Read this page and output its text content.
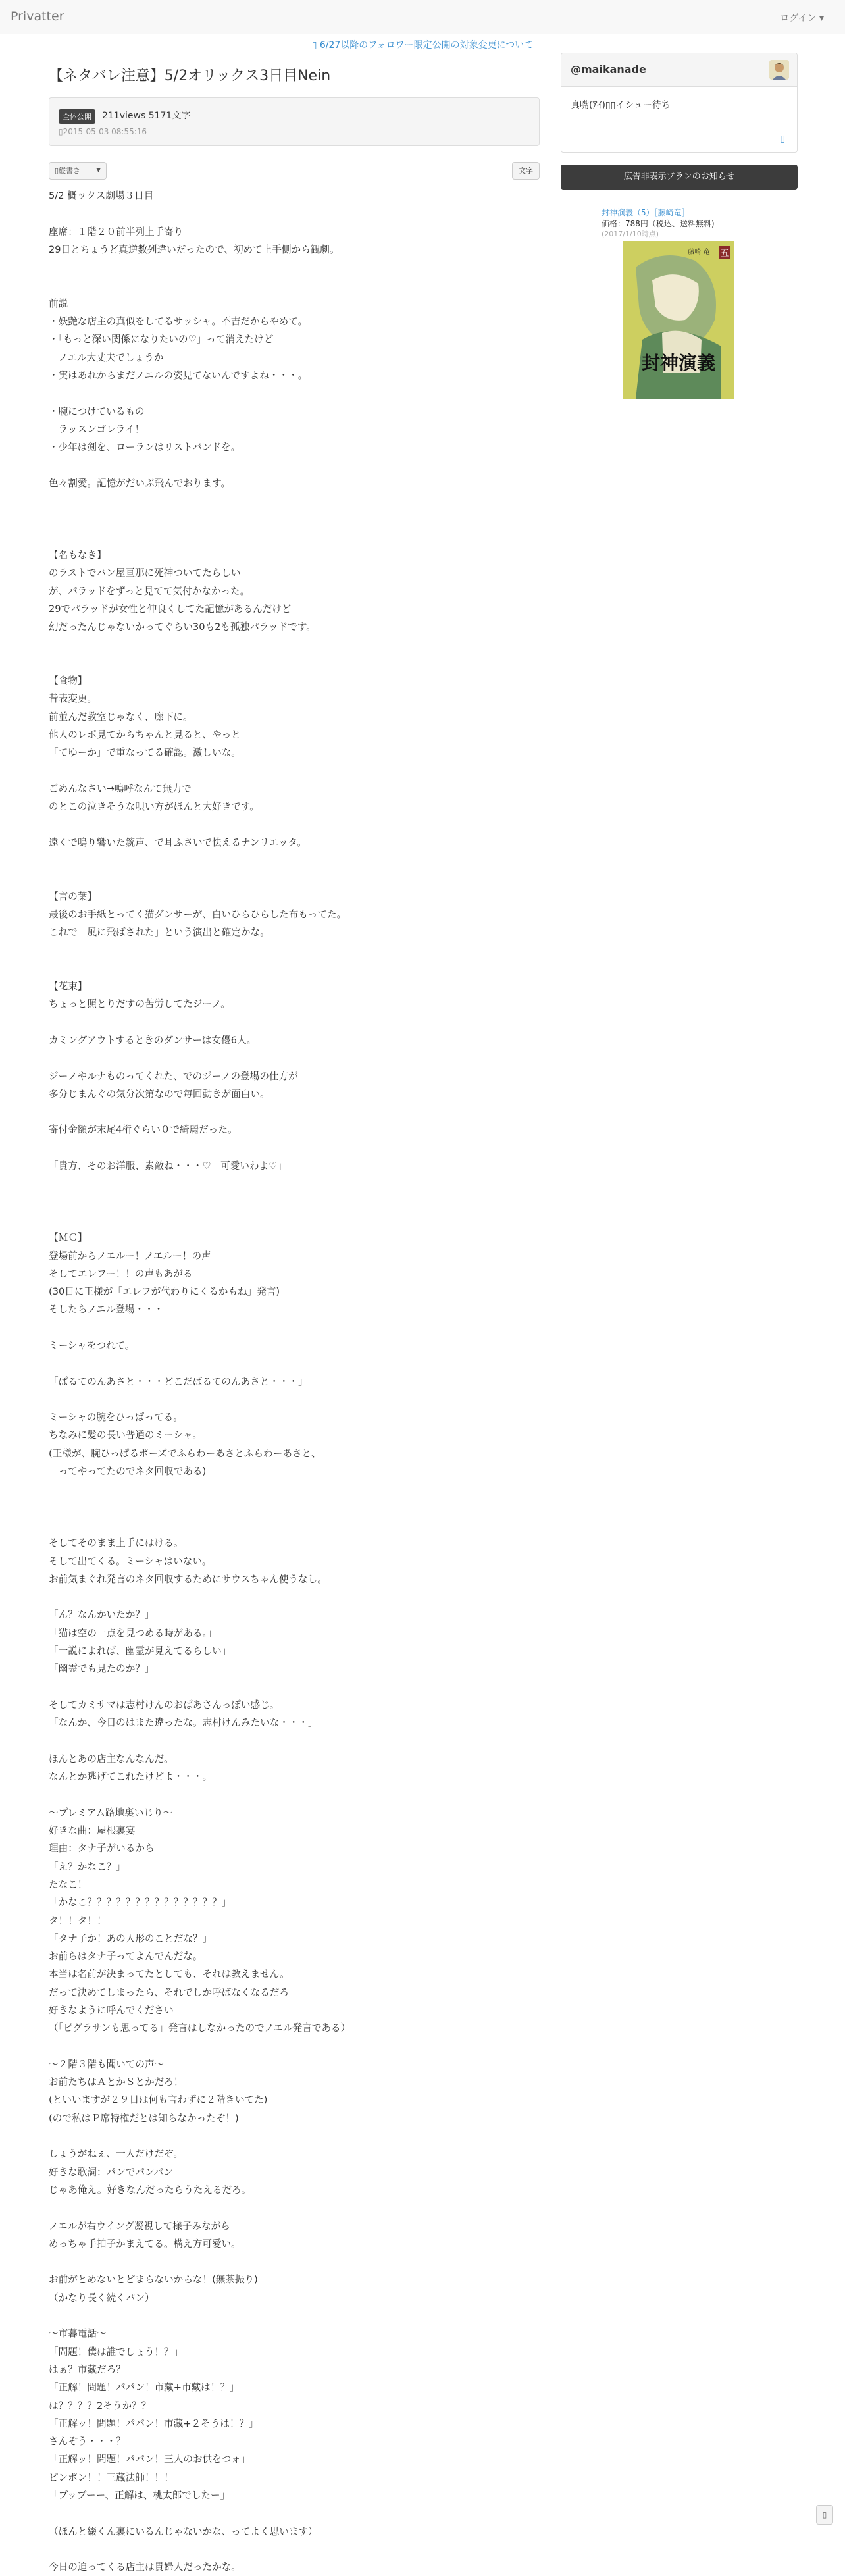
Privatter	ログイン ▾
▯ 6/27以降のフォロワー限定公開の対象変更について
【ネタバレ注意】5/2オリックス3日目Nein
全体公開	211views 5171文字
▯2015-05-03 08:55:16
▯縦書き	▼	文字
5/2 概ックス劇場３日目

座席：１階２０前半列上手寄り
29日とちょうど真逆数列違いだったので、初めて上手側から観劇。

前説
・妖艶な店主の真似をしてるサッシャ。不吉だからやめて。
・「もっと深い関係になりたいの♡」って消えたけど
　ノエル大丈夫でしょうか
・実はあれからまだノエルの姿見てないんですよね・・・。

・腕につけているもの
　ラッスンゴレライ！
・少年は剣を、ローランはリストバンドを。

色々割愛。記憶がだいぶ飛んでおります。

【名もなき】
のラストでパン屋亘那に死神ついてたらしい
が、パラッドをずっと見てて気付かなかった。
29でパラッドが女性と仲良くしてた記憶があるんだけど
幻だったんじゃないかってぐらい30も2も孤独パラッドです。

【食物】
昔表変更。
前並んだ教室じゃなく、廊下に。
他人のレポ見てからちゃんと見ると、やっと
「てゆーか」で重なってる確認。激しいな。

ごめんなさい→鳴呼なんて無力で
のとこの泣きそうな唄い方がほんと大好きです。

遠くで鳴り響いた銃声、で耳ふさいで怯えるナンリエッタ。

【言の葉】
最後のお手紙とってく猫ダンサーが、白いひらひらした布もってた。
これで「風に飛ばされた」という演出と確定かな。

【花束】
ちょっと照とりだすの苦労してたジーノ。

カミングアウトするときのダンサーは女優6人。

ジーノやルナものってくれた、でのジーノの登場の仕方が
多分じまんぐの気分次第なので毎回動きが面白い。

寄付金額が末尾4桁ぐらい０で綺麗だった。

「貴方、そのお洋服、素敵ね・・・♡　可愛いわよ♡」

【ＭＣ】
登場前からノエルー！ノエルー！の声
そしてエレフー！！の声もあがる
(30日に王様が「エレフが代わりにくるかもね」発言)
そしたらノエル登場・・・

ミーシャをつれて。

「ぱるてのんあさと・・・どこだばるてのんあさと・・・」

ミーシャの腕をひっぱってる。
ちなみに髪の長い普通のミーシャ。
(王様が、腕ひっぱるポーズでふらわーあさとふらわーあさと、
　ってやってたのでネタ回収である)

そしてそのまま上手にはける。
そして出てくる。ミーシャはいない。
お前気まぐれ発言のネタ回収するためにサウスちゃん使うなし。

「ん？なんかいたか？」
「猫は空の一点を見つめる時がある。」
「一説によれば、幽霊が見えてるらしい」
「幽霊でも見たのか？」

そしてカミサマは志村けんのおばあさんっぽい感じ。
「なんか、今日のはまた違ったな。志村けんみたいな・・・」

ほんとあの店主なんなんだ。
なんとか逃げてこれたけどよ・・・。

〜プレミアム路地裏いじり〜
好きな曲：屋根裏宴
理由：タナ子がいるから
「え？かなこ？」
たなこ！
「かなこ？？？？？？？？？？？？？？」
タ！！タ！！
「タナ子か！あの人形のことだな？」
お前らはタナ子ってよんでんだな。
本当は名前が決まってたとしても、それは教えません。
だって決めてしまったら、それでしか呼ばなくなるだろ
好きなように呼んでください
（「ビグラサンも思ってる」発言はしなかったのでノエル発言である）

〜２階３階も聞いての声〜
お前たちはＡとかＳとかだろ！
(といいますが２９日は何も言わずに２階きいてた)
(ので私はＰ席特権だとは知らなかったぞ！)

しょうがねぇ、一人だけだぞ。
好きな歌詞：パンでパンパン
じゃあ俺え。好きなんだったらうたえるだろ。

ノエルが右ウイング凝視して様子みながら
めっちゃ手拍子かまえてる。構え方可愛い。

お前がとめないとどまらないからな！(無茶振り)
（かなり長く続くパン）

〜市暮電話〜
「問題！僕は誰でしょう！？」
はぁ？市藏だろ？
「正解！問題！パパン！市藏+市藏は！？」
は？？？？2そうか？？
「正解ッ！問題！パパン！市藏+２そうは！？」
さんぞう・・・？
「正解ッ！問題！パパン！三人のお供をつォ」
ピンポン！！三蔵法師！！！
「ブッブーー、正解は、桃太郎でしたー」

（ほんと綴くん裏にいるんじゃないかな、ってよく思います）

今日の迫ってくる店主は貴婦人だったかな。
@maikanade
真嘴(ｱｲ)▯▯イシュー待ち
▯
広告非表示プランのお知らせ
封神演義（5）［藤崎竜］
価格：788円（税込、送料無料)
(2017/1/10時点)
五
藤崎 竜
封神演義
▯
